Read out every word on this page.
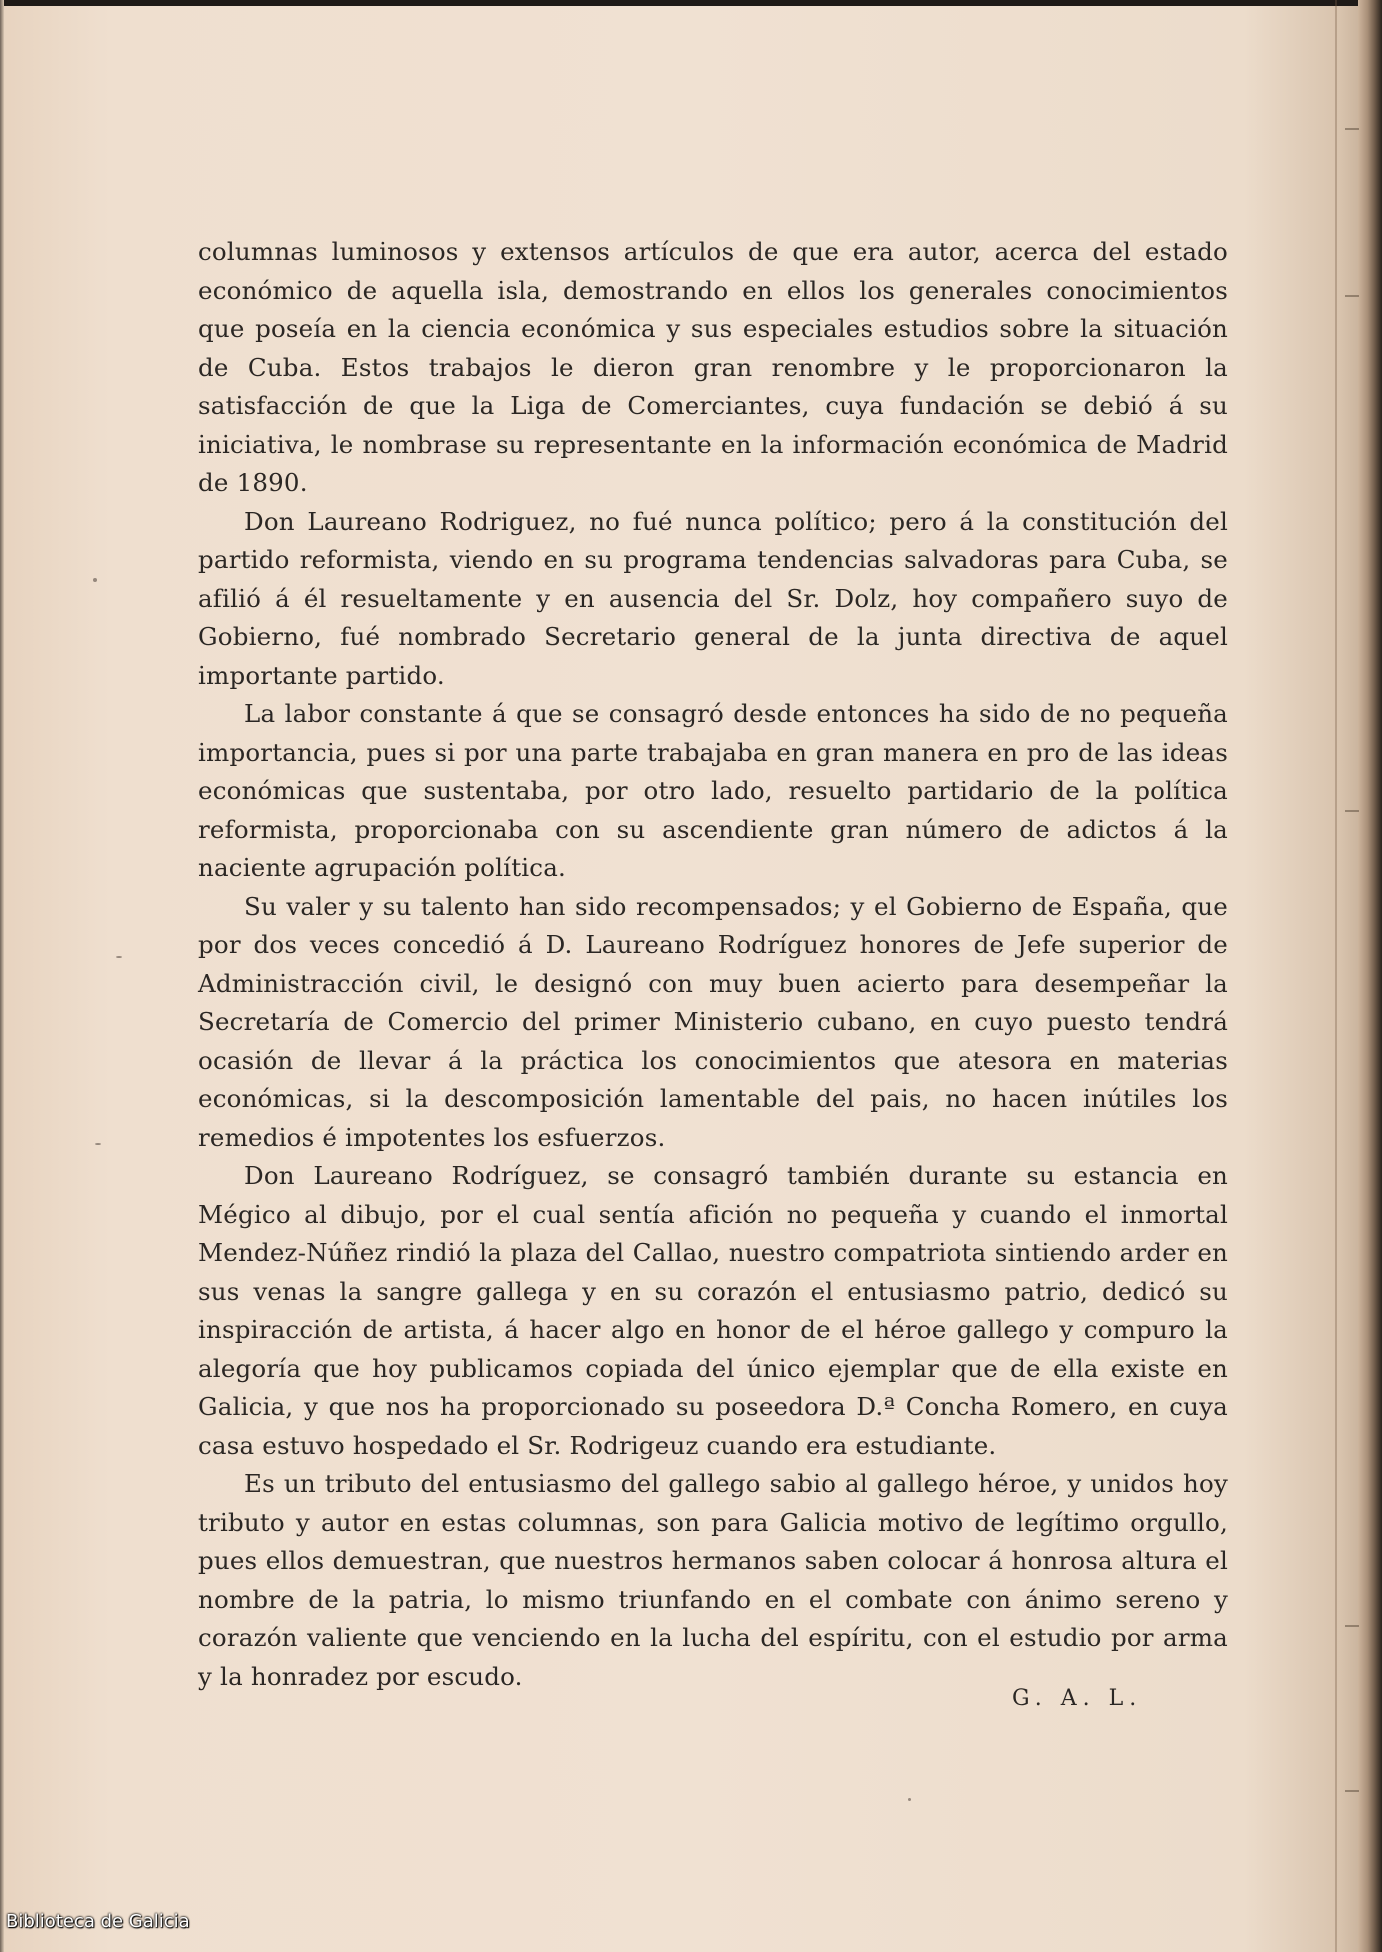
columnas luminosos y extensos artículos de que era autor, acerca del estado económico de aquella isla, demostrando en ellos los generales conocimientos que poseía en la ciencia económica y sus especiales estudios sobre la situación de Cuba. Estos trabajos le dieron gran renombre y le proporcionaron la satisfacción de que la Liga de Comerciantes, cuya fundación se debió á su iniciativa, le nombrase su representante en la información económica de Madrid de 1890.

Don Laureano Rodriguez, no fué nunca político; pero á la constitución del partido reformista, viendo en su programa tendencias salvadoras para Cuba, se afilió á él resueltamente y en ausencia del Sr. Dolz, hoy compañero suyo de Gobierno, fué nombrado Secretario general de la junta directiva de aquel importante partido.

La labor constante á que se consagró desde entonces ha sido de no pequeña importancia, pues si por una parte trabajaba en gran manera en pro de las ideas económicas que sustentaba, por otro lado, resuelto partidario de la política reformista, proporcionaba con su ascendiente gran número de adictos á la naciente agrupación política.

Su valer y su talento han sido recompensados; y el Gobierno de España, que por dos veces concedió á D. Laureano Rodríguez honores de Jefe superior de Administracción civil, le designó con muy buen acierto para desempeñar la Secretaría de Comercio del primer Ministerio cubano, en cuyo puesto tendrá ocasión de llevar á la práctica los conocimientos que atesora en materias económicas, si la descomposición lamentable del pais, no hacen inútiles los remedios é impotentes los esfuerzos.

Don Laureano Rodríguez, se consagró también durante su estancia en Mégico al dibujo, por el cual sentía afición no pequeña y cuando el inmortal Mendez-Núñez rindió la plaza del Callao, nuestro compatriota sintiendo arder en sus venas la sangre gallega y en su corazón el entusiasmo patrio, dedicó su inspiracción de artista, á hacer algo en honor de el héroe gallego y compuro la alegoría que hoy publicamos copiada del único ejemplar que de ella existe en Galicia, y que nos ha proporcionado su poseedora D.ª Concha Romero, en cuya casa estuvo hospedado el Sr. Rodrigeuz cuando era estudiante.

Es un tributo del entusiasmo del gallego sabio al gallego héroe, y unidos hoy tributo y autor en estas columnas, son para Galicia motivo de legítimo orgullo, pues ellos demuestran, que nuestros hermanos saben colocar á honrosa altura el nombre de la patria, lo mismo triunfando en el combate con ánimo sereno y corazón valiente que venciendo en la lucha del espíritu, con el estudio por arma y la honradez por escudo.

G. A. L.
Biblioteca de Galicia
